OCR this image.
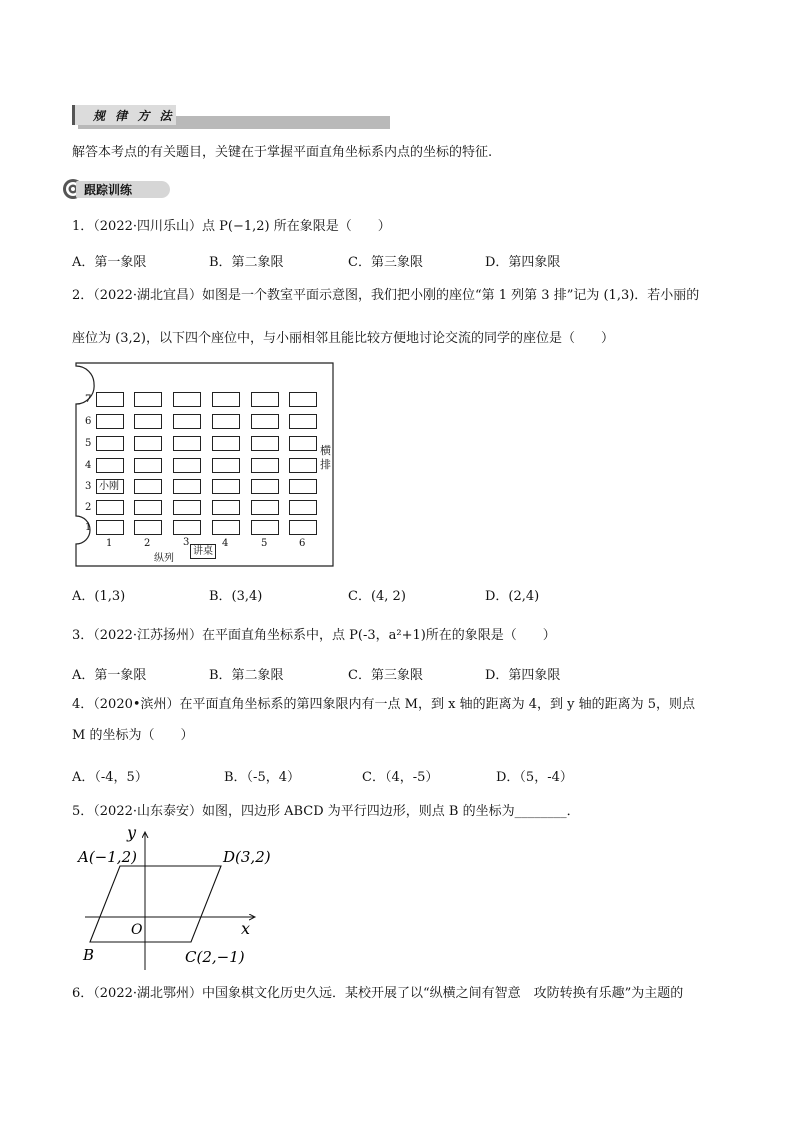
规 律 方 法
解答本考点的有关题目，关键在于掌握平面直角坐标系内点的坐标的特征.
跟踪训练
1．（2022·四川乐山）点 P(−1,2) 所在象限是（　　）
A．第一象限	B．第二象限	C．第三象限	D．第四象限
2．（2022·湖北宜昌）如图是一个教室平面示意图，我们把小刚的座位“第 1 列第 3 排”记为 (1,3)．若小丽的
座位为 (3,2)，以下四个座位中，与小丽相邻且能比较方便地讨论交流的同学的座位是（　　）
小刚
7
6
5
4
3
2
1
1	2	3	4	5	6
横
排
纵列
讲桌
A．(1,3)	B．(3,4)	C．(4, 2)	D．(2,4)
3．（2022·江苏扬州）在平面直角坐标系中，点 P(-3，a²+1)所在的象限是（　　）
A．第一象限	B．第二象限	C．第三象限	D．第四象限
4．（2020•滨州）在平面直角坐标系的第四象限内有一点 M，到 x 轴的距离为 4，到 y 轴的距离为 5，则点
M 的坐标为（　　）
A．（-4，5）	B．（-5，4）	C．（4，-5）	D．（5，-4）
5．（2022·山东泰安）如图，四边形 ABCD 为平行四边形，则点 B 的坐标为________．
A(−1,2)	D(3,2)
C(2,−1)
B
O	x
y
6．（2022·湖北鄂州）中国象棋文化历史久远．某校开展了以“纵横之间有智意　攻防转换有乐趣”为主题的
